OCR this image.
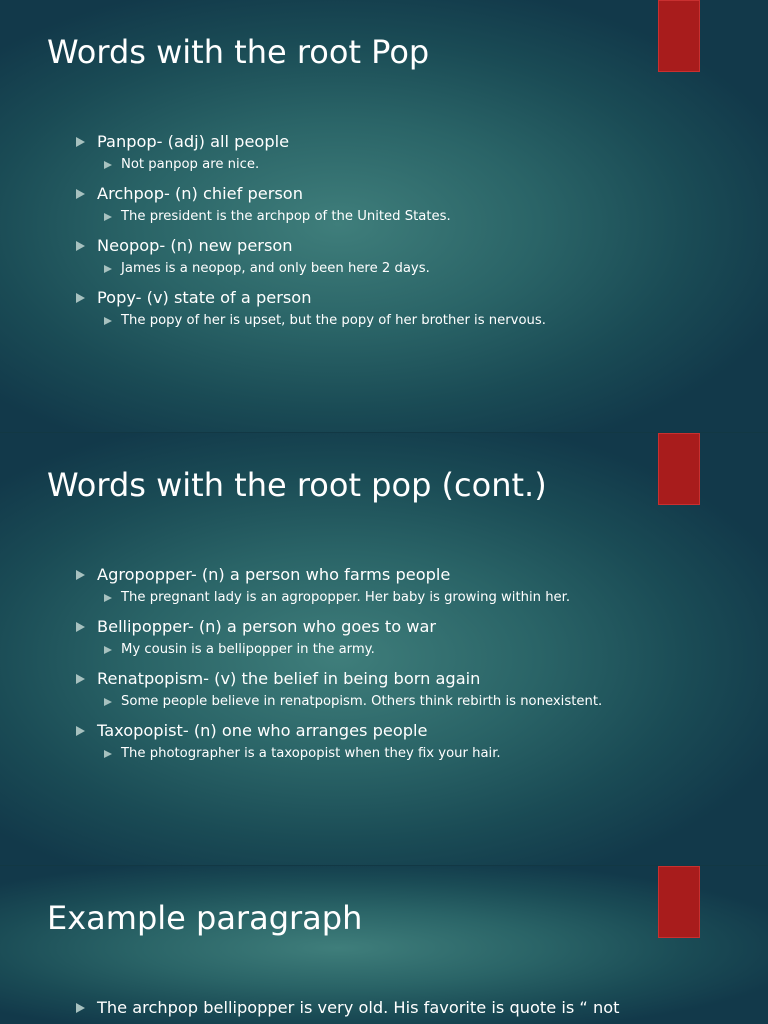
Words with the root Pop
Panpop- (adj) all people
Not panpop are nice.
Archpop- (n) chief person
The president is the archpop of the United States.
Neopop- (n) new person
James is a neopop, and only been here 2 days.
Popy- (v) state of a person
The popy of her is upset, but the popy of her brother is nervous.
Words with the root pop (cont.)
Agropopper- (n) a person who farms people
The pregnant lady is an agropopper. Her baby is growing within her.
Bellipopper- (n) a person who goes to war
My cousin is a bellipopper in the army.
Renatpopism- (v) the belief in being born again
Some people believe in renatpopism. Others think rebirth is nonexistent.
Taxopopist- (n) one who arranges people
The photographer is a taxopopist when they fix your hair.
Example paragraph
The archpop bellipopper is very old. His favorite is quote is “ not
